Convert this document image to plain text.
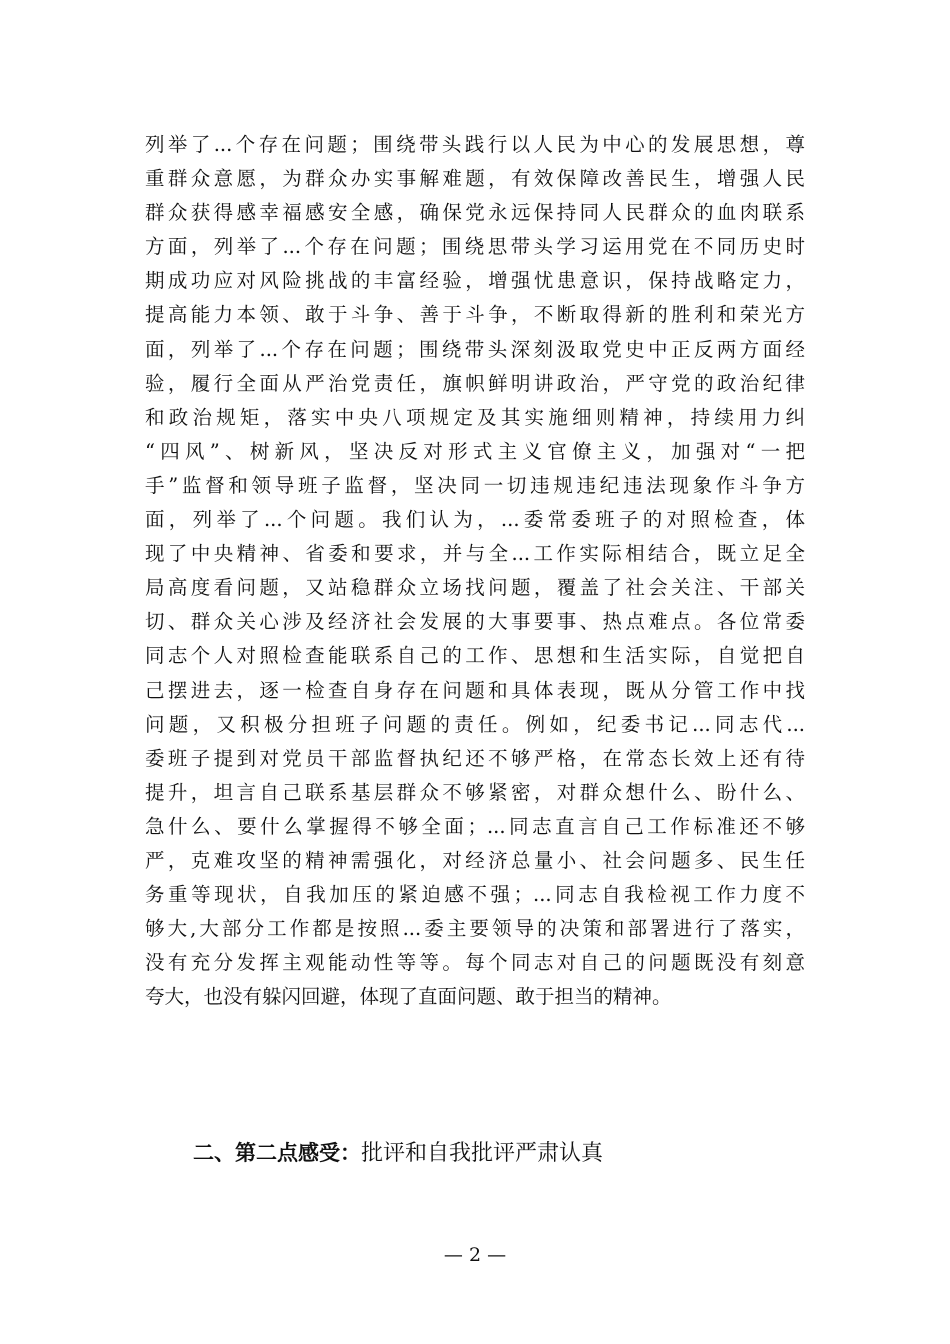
列举了...个存在问题；围绕带头践行以人民为中心的发展思想，尊
重群众意愿，为群众办实事解难题，有效保障改善民生，增强人民
群众获得感幸福感安全感，确保党永远保持同人民群众的血肉联系
方面，列举了...个存在问题；围绕思带头学习运用党在不同历史时
期成功应对风险挑战的丰富经验，增强忧患意识，保持战略定力，
提高能力本领、敢于斗争、善于斗争，不断取得新的胜利和荣光方
面，列举了...个存在问题；围绕带头深刻汲取党史中正反两方面经
验，履行全面从严治党责任，旗帜鲜明讲政治，严守党的政治纪律
和政治规矩，落实中央八项规定及其实施细则精神，持续用力纠
“四风”、树新风，坚决反对形式主义官僚主义，加强对“一把
手”监督和领导班子监督，坚决同一切违规违纪违法现象作斗争方
面，列举了...个问题。我们认为，...委常委班子的对照检查，体
现了中央精神、省委和要求，并与全...工作实际相结合，既立足全
局高度看问题，又站稳群众立场找问题，覆盖了社会关注、干部关
切、群众关心涉及经济社会发展的大事要事、热点难点。各位常委
同志个人对照检查能联系自己的工作、思想和生活实际，自觉把自
己摆进去，逐一检查自身存在问题和具体表现，既从分管工作中找
问题，又积极分担班子问题的责任。例如，纪委书记...同志代...
委班子提到对党员干部监督执纪还不够严格，在常态长效上还有待
提升，坦言自己联系基层群众不够紧密，对群众想什么、盼什么、
急什么、要什么掌握得不够全面；...同志直言自己工作标准还不够
严，克难攻坚的精神需强化，对经济总量小、社会问题多、民生任
务重等现状，自我加压的紧迫感不强；...同志自我检视工作力度不
够大,大部分工作都是按照...委主要领导的决策和部署进行了落实，
没有充分发挥主观能动性等等。每个同志对自己的问题既没有刻意
夸大，也没有躲闪回避，体现了直面问题、敢于担当的精神。
二、第二点感受：批评和自我批评严肃认真
— 2 —
